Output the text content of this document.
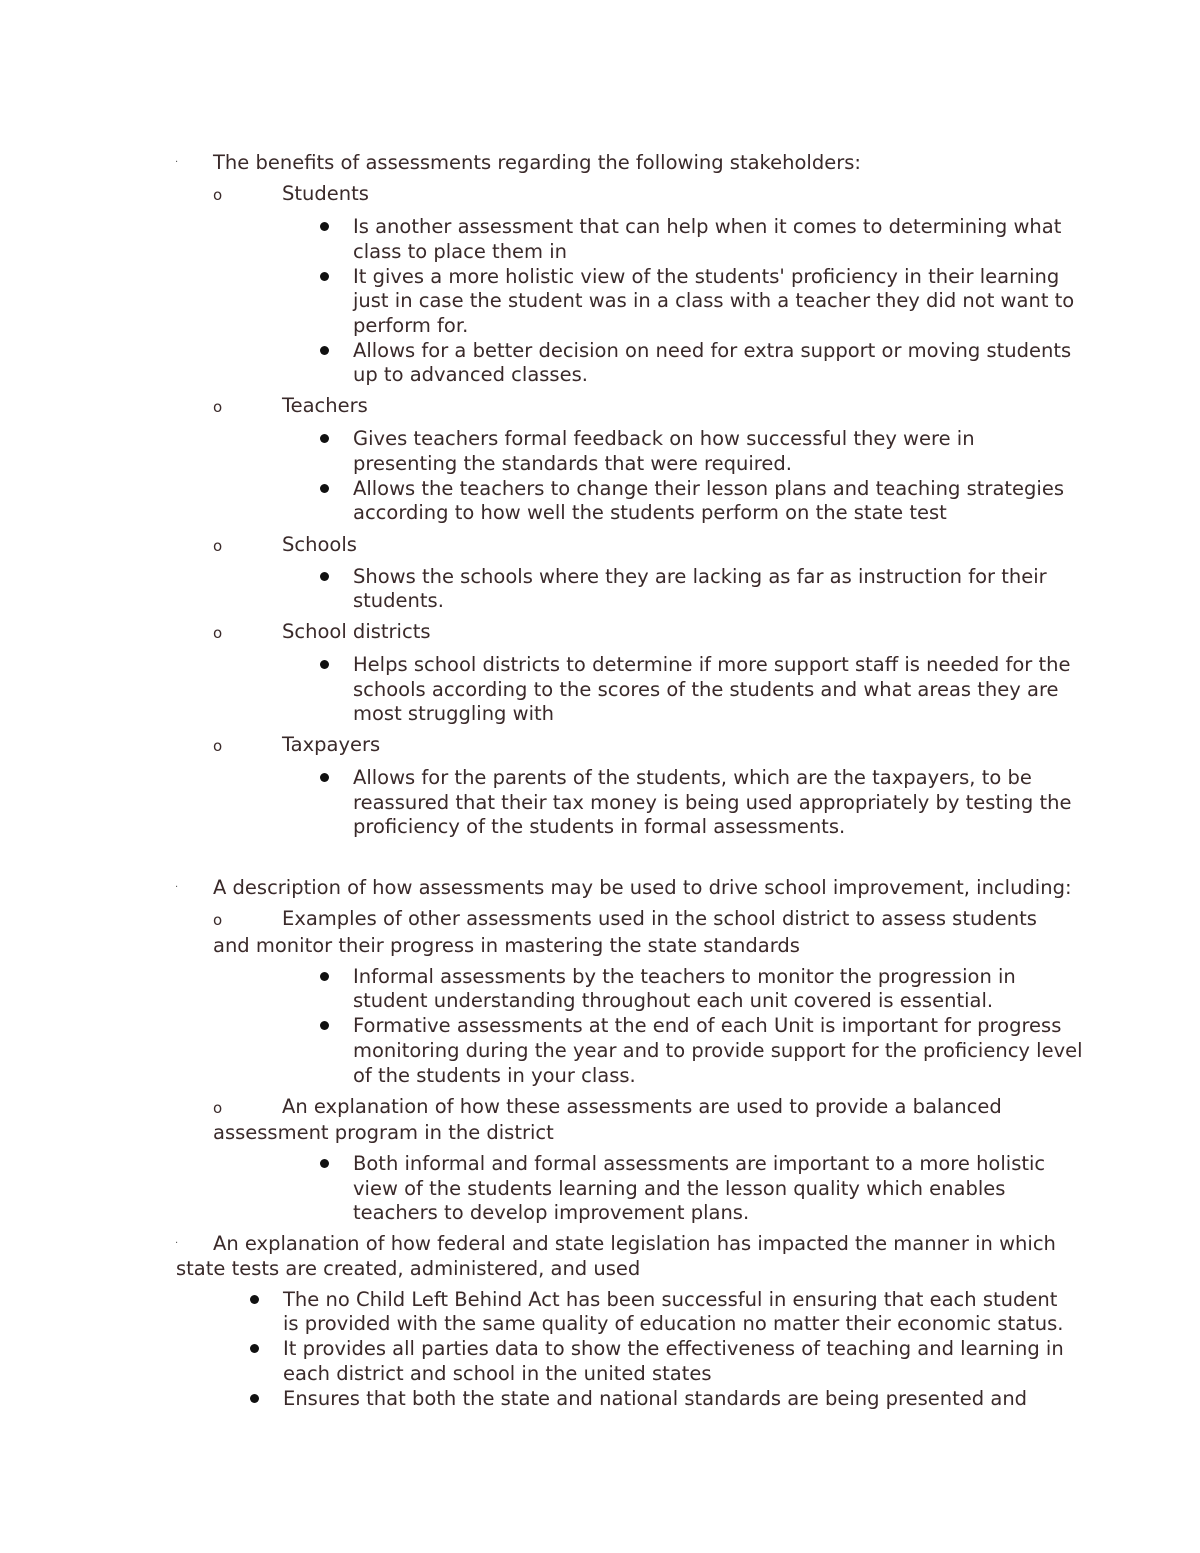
· The benefits of assessments regarding the following stakeholders:
o	Students
Is another assessment that can help when it comes to determining what
class to place them in
It gives a more holistic view of the students' proficiency in their learning
just in case the student was in a class with a teacher they did not want to
perform for.
Allows for a better decision on need for extra support or moving students
up to advanced classes.
o	Teachers
Gives teachers formal feedback on how successful they were in
presenting the standards that were required.
Allows the teachers to change their lesson plans and teaching strategies
according to how well the students perform on the state test
o	Schools
Shows the schools where they are lacking as far as instruction for their
students.
o	School districts
Helps school districts to determine if more support staff is needed for the
schools according to the scores of the students and what areas they are
most struggling with
o	Taxpayers
Allows for the parents of the students, which are the taxpayers, to be
reassured that their tax money is being used appropriately by testing the
proficiency of the students in formal assessments.
· A description of how assessments may be used to drive school improvement, including:
o	Examples of other assessments used in the school district to assess students
and monitor their progress in mastering the state standards
Informal assessments by the teachers to monitor the progression in
student understanding throughout each unit covered is essential.
Formative assessments at the end of each Unit is important for progress
monitoring during the year and to provide support for the proficiency level
of the students in your class.
o	An explanation of how these assessments are used to provide a balanced
assessment program in the district
Both informal and formal assessments are important to a more holistic
view of the students learning and the lesson quality which enables
teachers to develop improvement plans.
· An explanation of how federal and state legislation has impacted the manner in which
state tests are created, administered, and used
The no Child Left Behind Act has been successful in ensuring that each student
is provided with the same quality of education no matter their economic status.
It provides all parties data to show the effectiveness of teaching and learning in
each district and school in the united states
Ensures that both the state and national standards are being presented and
